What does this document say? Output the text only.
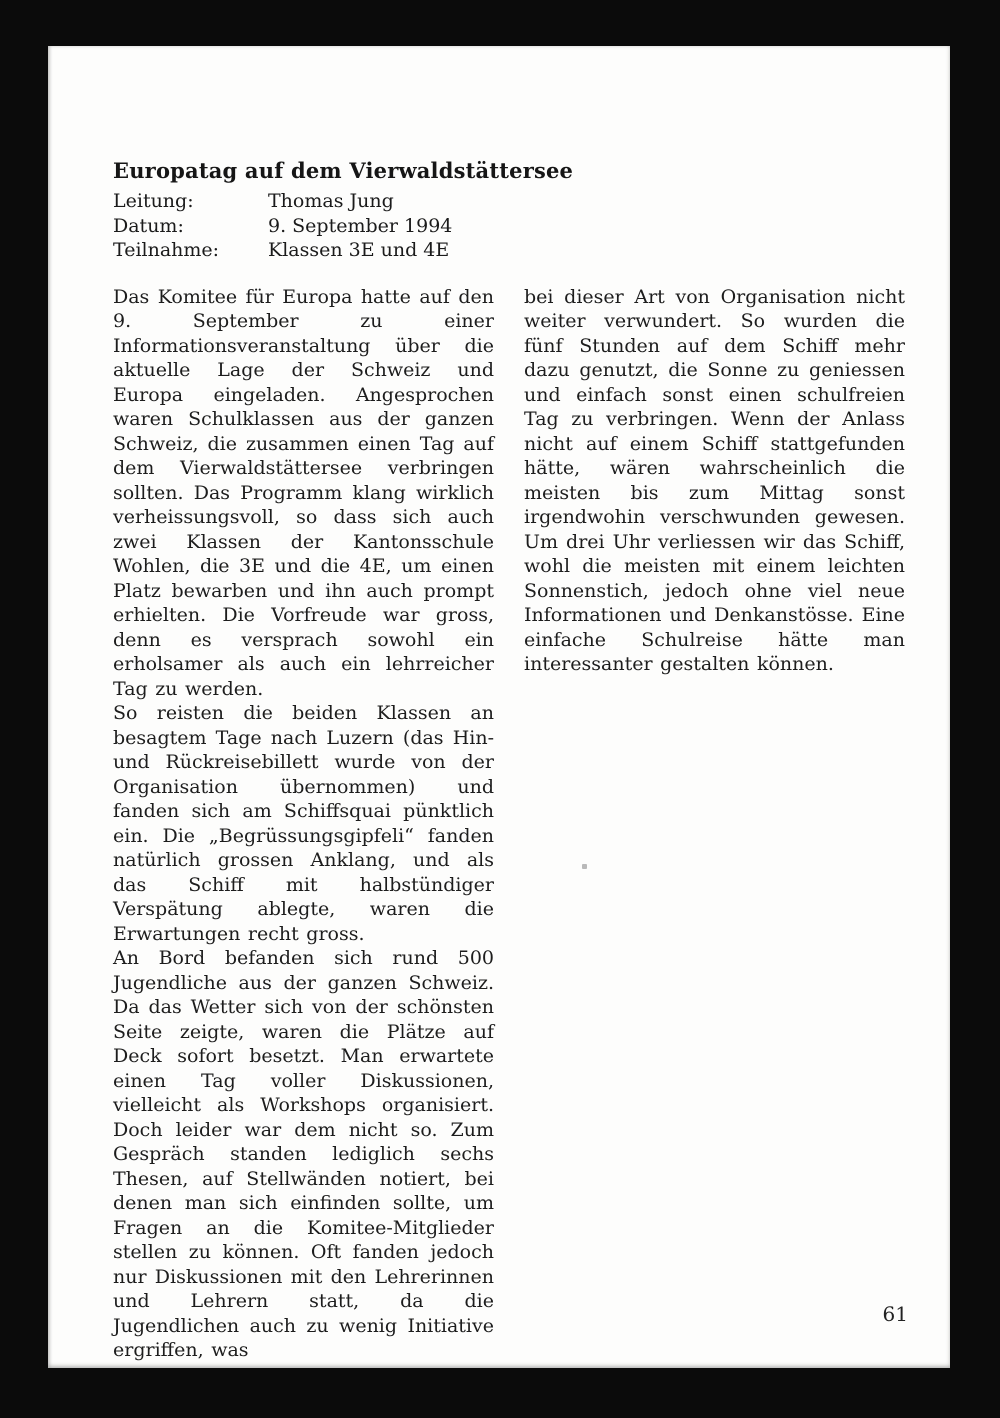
Europatag auf dem Vierwaldstättersee
Leitung:	Thomas Jung
Datum:	9. September 1994
Teilnahme:	Klassen 3E und 4E

Das Komitee für Europa hatte auf den 9. September zu einer Informationsveranstaltung über die aktuelle Lage der Schweiz und Europa eingeladen. Angesprochen waren Schulklassen aus der ganzen Schweiz, die zusammen einen Tag auf dem Vierwaldstättersee verbringen sollten. Das Programm klang wirklich verheissungsvoll, so dass sich auch zwei Klassen der Kantonsschule Wohlen, die 3E und die 4E, um einen Platz bewarben und ihn auch prompt erhielten. Die Vorfreude war gross, denn es versprach sowohl ein erholsamer als auch ein lehrreicher Tag zu werden.

So reisten die beiden Klassen an besagtem Tage nach Luzern (das Hin- und Rückreisebillett wurde von der Organisation übernommen) und fanden sich am Schiffsquai pünktlich ein. Die „Begrüssungsgipfeli“ fanden natürlich grossen Anklang, und als das Schiff mit halbstündiger Verspätung ablegte, waren die Erwartungen recht gross.

An Bord befanden sich rund 500 Jugendliche aus der ganzen Schweiz. Da das Wetter sich von der schönsten Seite zeigte, waren die Plätze auf Deck sofort besetzt. Man erwartete einen Tag voller Diskussionen, vielleicht als Workshops organisiert. Doch leider war dem nicht so. Zum Gespräch standen lediglich sechs Thesen, auf Stellwänden notiert, bei denen man sich einfinden sollte, um Fragen an die Komitee-Mitglieder stellen zu können. Oft fanden jedoch nur Diskussionen mit den Lehrerinnen und Lehrern statt, da die Jugendlichen auch zu wenig Initiative ergriffen, was

bei dieser Art von Organisation nicht weiter verwundert. So wurden die fünf Stunden auf dem Schiff mehr dazu genutzt, die Sonne zu geniessen und einfach sonst einen schulfreien Tag zu verbringen. Wenn der Anlass nicht auf einem Schiff stattgefunden hätte, wären wahrscheinlich die meisten bis zum Mittag sonst irgendwohin verschwunden gewesen. Um drei Uhr verliessen wir das Schiff, wohl die meisten mit einem leichten Sonnenstich, jedoch ohne viel neue Informationen und Denkanstösse. Eine einfache Schulreise hätte man interessanter gestalten können.

61
